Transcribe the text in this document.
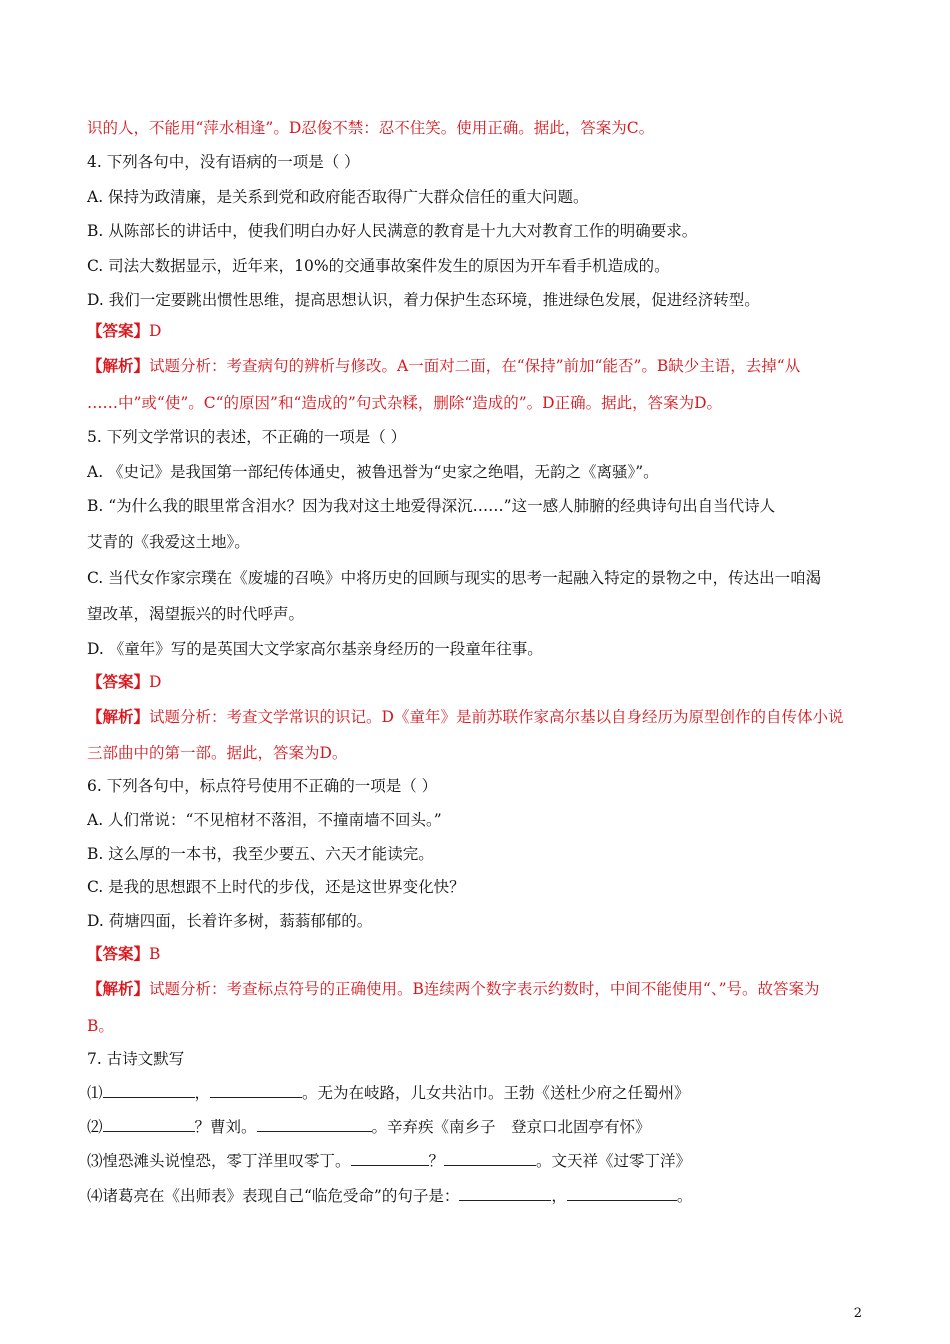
识的人，不能用“萍水相逢”。D忍俊不禁：忍不住笑。使用正确。据此，答案为C。
4. 下列各句中，没有语病的一项是（ ）
A. 保持为政清廉，是关系到党和政府能否取得广大群众信任的重大问题。
B. 从陈部长的讲话中，使我们明白办好人民满意的教育是十九大对教育工作的明确要求。
C. 司法大数据显示，近年来，10%的交通事故案件发生的原因为开车看手机造成的。
D. 我们一定要跳出惯性思维，提高思想认识，着力保护生态环境，推进绿色发展，促进经济转型。
【答案】D
【解析】试题分析：考查病句的辨析与修改。A一面对二面，在“保持”前加“能否”。B缺少主语，去掉“从
……中”或“使”。C“的原因”和“造成的”句式杂糅，删除“造成的”。D正确。据此，答案为D。
5. 下列文学常识的表述，不正确的一项是（ ）
A. 《史记》是我国第一部纪传体通史，被鲁迅誉为“史家之绝唱，无韵之《离骚》”。
B. “为什么我的眼里常含泪水？因为我对这土地爱得深沉……”这一感人肺腑的经典诗句出自当代诗人
艾青的《我爱这土地》。
C. 当代女作家宗璞在《废墟的召唤》中将历史的回顾与现实的思考一起融入特定的景物之中，传达出一咱渴
望改革，渴望振兴的时代呼声。
D. 《童年》写的是英国大文学家高尔基亲身经历的一段童年往事。
【答案】D
【解析】试题分析：考查文学常识的识记。D《童年》是前苏联作家高尔基以自身经历为原型创作的自传体小说
三部曲中的第一部。据此，答案为D。
6. 下列各句中，标点符号使用不正确的一项是（ ）
A. 人们常说：“不见棺材不落泪，不撞南墙不回头。”
B. 这么厚的一本书，我至少要五、六天才能读完。
C. 是我的思想跟不上时代的步伐，还是这世界变化快？
D. 荷塘四面，长着许多树，蓊蓊郁郁的。
【答案】B
【解析】试题分析：考查标点符号的正确使用。B连续两个数字表示约数时，中间不能使用“、”号。故答案为
B。
7. 古诗文默写
⑴	，	。无为在岐路，儿女共沾巾。王勃《送杜少府之任蜀州》
⑵	？曹刘。	。辛弃疾《南乡子　登京口北固亭有怀》
⑶惶恐滩头说惶恐，零丁洋里叹零丁。	？	。文天祥《过零丁洋》
⑷诸葛亮在《出师表》表现自己“临危受命”的句子是：	，	。
2
